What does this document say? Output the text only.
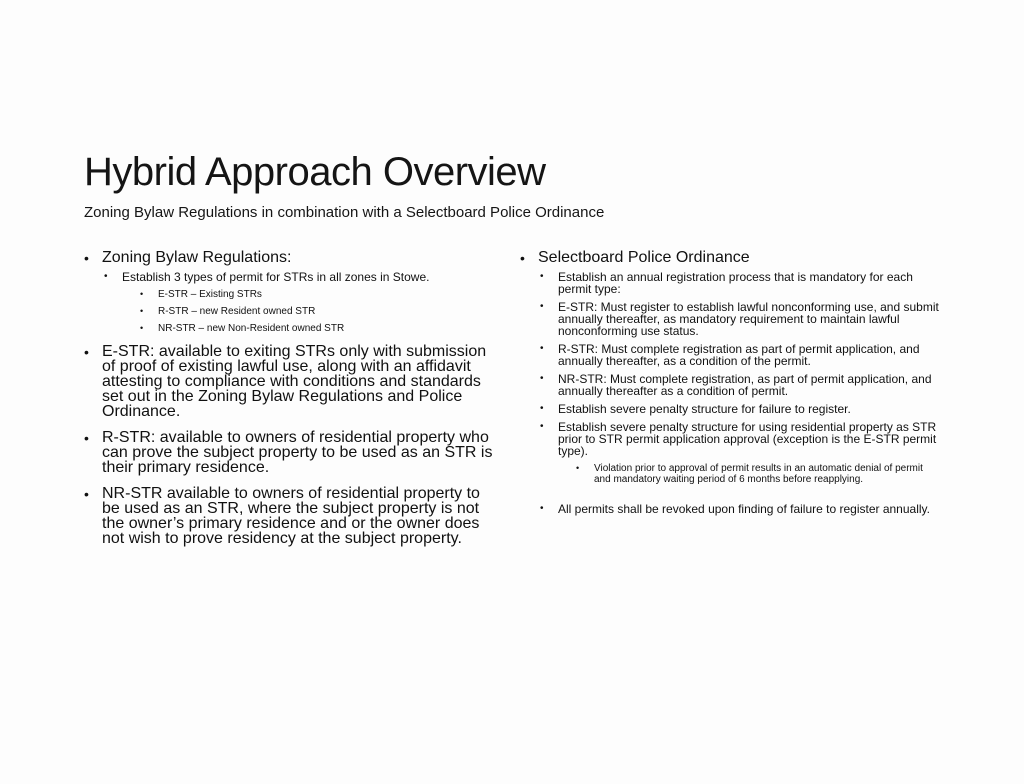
Hybrid Approach Overview

Zoning Bylaw Regulations in combination with a Selectboard Police Ordinance

• Zoning Bylaw Regulations:
• Establish 3 types of permit for STRs in all zones in Stowe.
• E-STR – Existing STRs
• R-STR – new Resident owned STR
• NR-STR – new Non-Resident owned STR
• E-STR: available to exiting STRs only with submission of proof of existing lawful use, along with an affidavit attesting to compliance with conditions and standards set out in the Zoning Bylaw Regulations and Police Ordinance.
• R-STR: available to owners of residential property who can prove the subject property to be used as an STR is their primary residence.
• NR-STR available to owners of residential property to be used as an STR, where the subject property is not the owner’s primary residence and or the owner does not wish to prove residency at the subject property.
• Selectboard Police Ordinance
• Establish an annual registration process that is mandatory for each permit type:
• E-STR: Must register to establish lawful nonconforming use, and submit annually thereafter, as mandatory requirement to maintain lawful nonconforming use status.
• R-STR: Must complete registration as part of permit application, and annually thereafter, as a condition of the permit.
• NR-STR: Must complete registration, as part of permit application, and annually thereafter as a condition of permit.
• Establish severe penalty structure for failure to register.
• Establish severe penalty structure for using residential property as STR prior to STR permit application approval (exception is the E-STR permit type).
• Violation prior to approval of permit results in an automatic denial of permit and mandatory waiting period of 6 months before reapplying.
• All permits shall be revoked upon finding of failure to register annually.
